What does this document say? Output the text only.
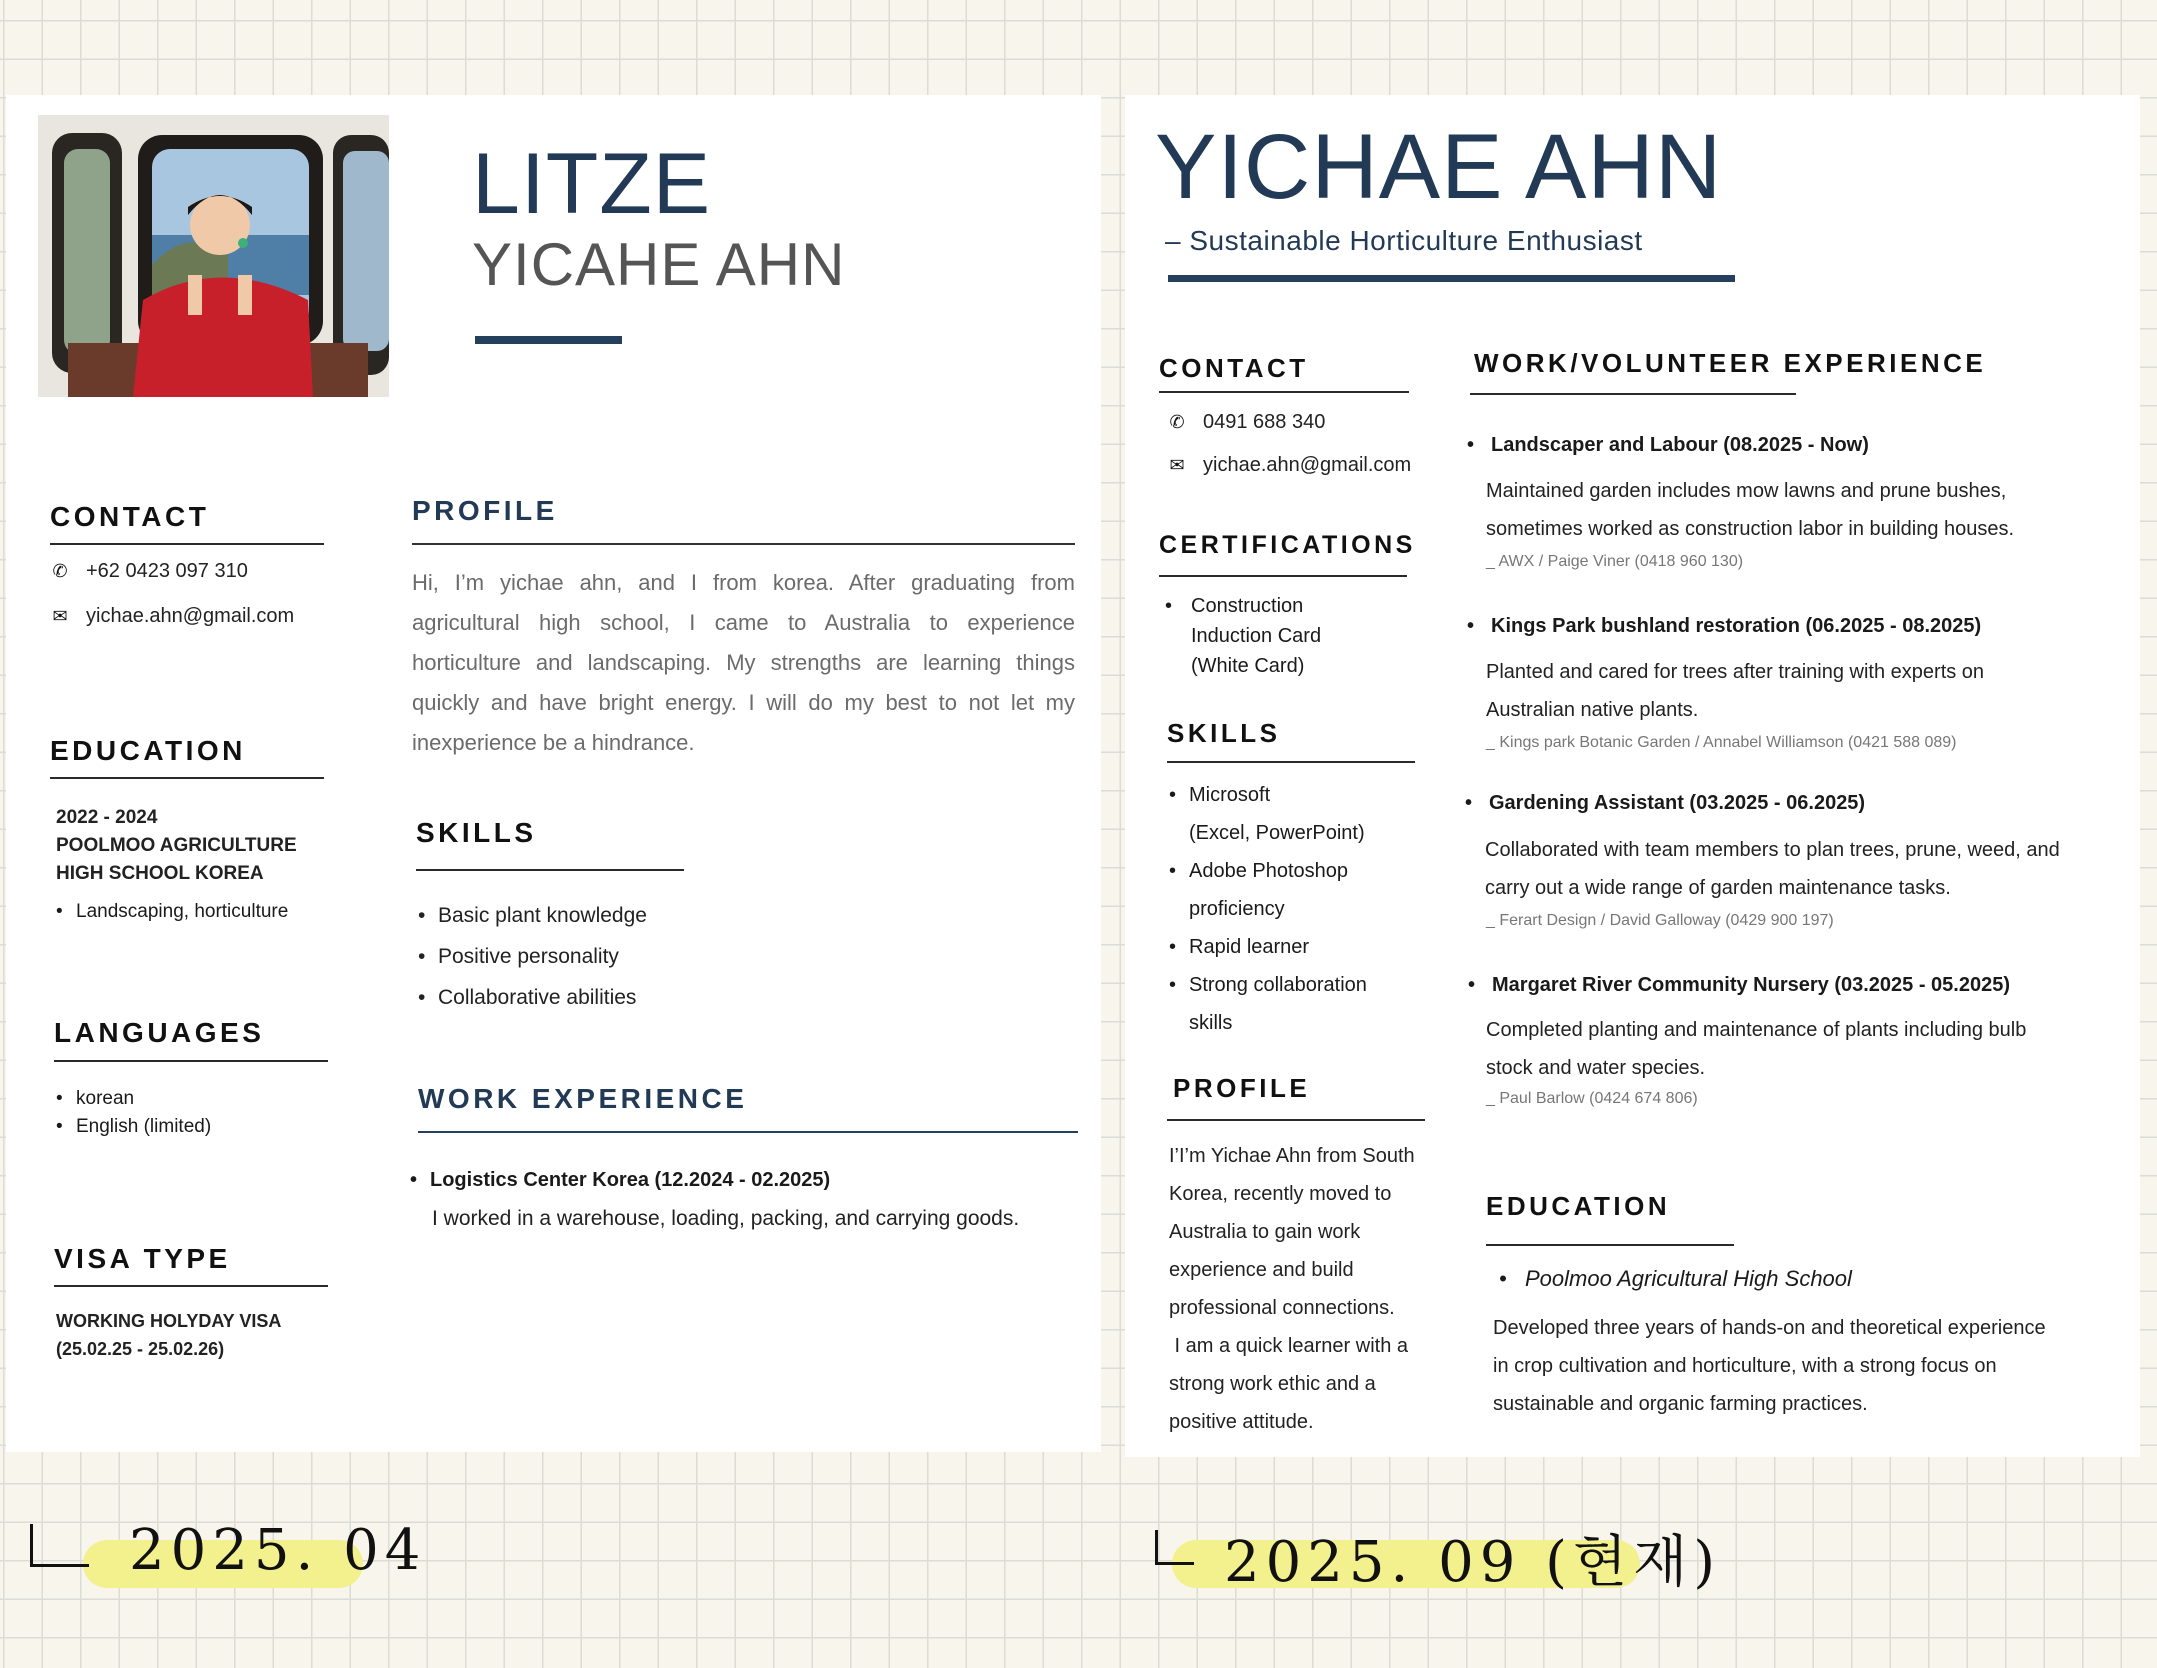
LITZE
YICAHE AHN
CONTACT
✆ +62 0423 097 310
✉ yichae.ahn@gmail.com
EDUCATION
2022 - 2024
POOLMOO AGRICULTURE
HIGH SCHOOL KOREA
• Landscaping, horticulture
LANGUAGES
• korean
• English (limited)
VISA TYPE
WORKING HOLYDAY VISA
(25.02.25 - 25.02.26)
PROFILE
Hi, I’m yichae ahn, and I from korea. After graduating from agricultural high school, I came to Australia to experience horticulture and landscaping. My strengths are learning things quickly and have bright energy. I will do my best to not let my inexperience be a hindrance.
SKILLS
• Basic plant knowledge
• Positive personality
• Collaborative abilities
WORK EXPERIENCE
• Logistics Center Korea (12.2024 - 02.2025)
I worked in a warehouse, loading, packing, and carrying goods.
YICHAE AHN
– Sustainable Horticulture Enthusiast
CONTACT
✆ 0491 688 340
✉ yichae.ahn@gmail.com
CERTIFICATIONS
• Construction
Induction Card
(White Card)
SKILLS
• Microsoft
(Excel, PowerPoint)
• Adobe Photoshop
proficiency
• Rapid learner
• Strong collaboration
skills
PROFILE
I’I’m Yichae Ahn from South
Korea, recently moved to
Australia to gain work
experience and build
professional connections.
I am a quick learner with a
strong work ethic and a
positive attitude.
WORK/VOLUNTEER EXPERIENCE
• Landscaper and Labour (08.2025 - Now)
Maintained garden includes mow lawns and prune bushes,
sometimes worked as construction labor in building houses.
_ AWX / Paige Viner (0418 960 130)
• Kings Park bushland restoration (06.2025 - 08.2025)
Planted and cared for trees after training with experts on
Australian native plants.
_ Kings park Botanic Garden / Annabel Williamson (0421 588 089)
• Gardening Assistant (03.2025 - 06.2025)
Collaborated with team members to plan trees, prune, weed, and
carry out a wide range of garden maintenance tasks.
_ Ferart Design / David Galloway (0429 900 197)
• Margaret River Community Nursery (03.2025 - 05.2025)
Completed planting and maintenance of plants including bulb
stock and water species.
_ Paul Barlow (0424 674 806)
EDUCATION
• Poolmoo Agricultural High School
Developed three years of hands-on and theoretical experience
in crop cultivation and horticulture, with a strong focus on
sustainable and organic farming practices.
2025. 04	2025. 09 (현재)
